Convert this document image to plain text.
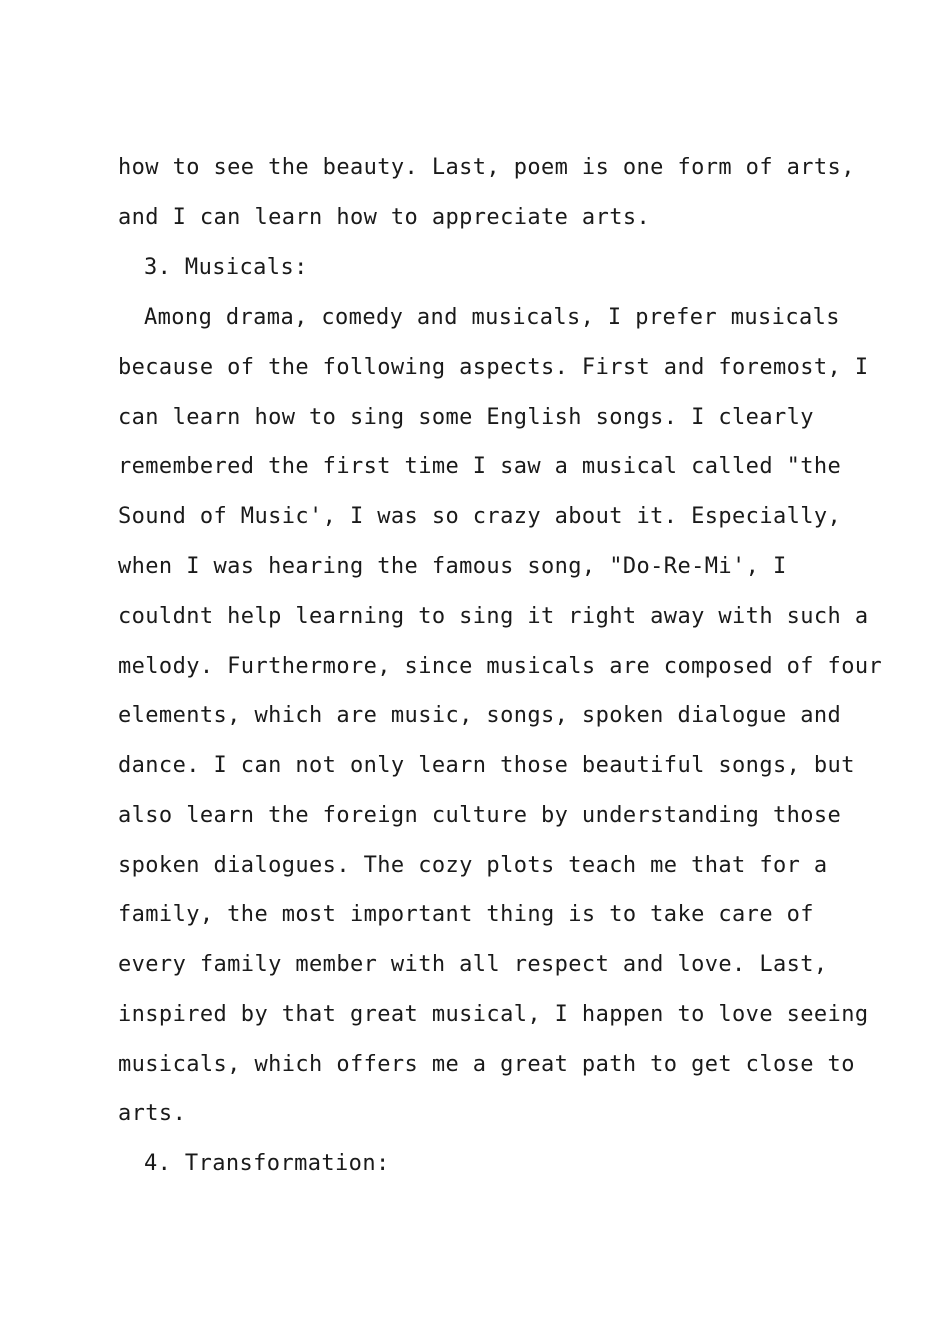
how to see the beauty. Last, poem is one form of arts,
and I can learn how to appreciate arts.
3. Musicals:
Among drama, comedy and musicals, I prefer musicals
because of the following aspects. First and foremost, I
can learn how to sing some English songs. I clearly
remembered the first time I saw a musical called "the
Sound of Music', I was so crazy about it. Especially,
when I was hearing the famous song, "Do-Re-Mi', I
couldnt help learning to sing it right away with such a
melody. Furthermore, since musicals are composed of four
elements, which are music, songs, spoken dialogue and
dance. I can not only learn those beautiful songs, but
also learn the foreign culture by understanding those
spoken dialogues. The cozy plots teach me that for a
family, the most important thing is to take care of
every family member with all respect and love. Last,
inspired by that great musical, I happen to love seeing
musicals, which offers me a great path to get close to
arts.
4. Transformation:
